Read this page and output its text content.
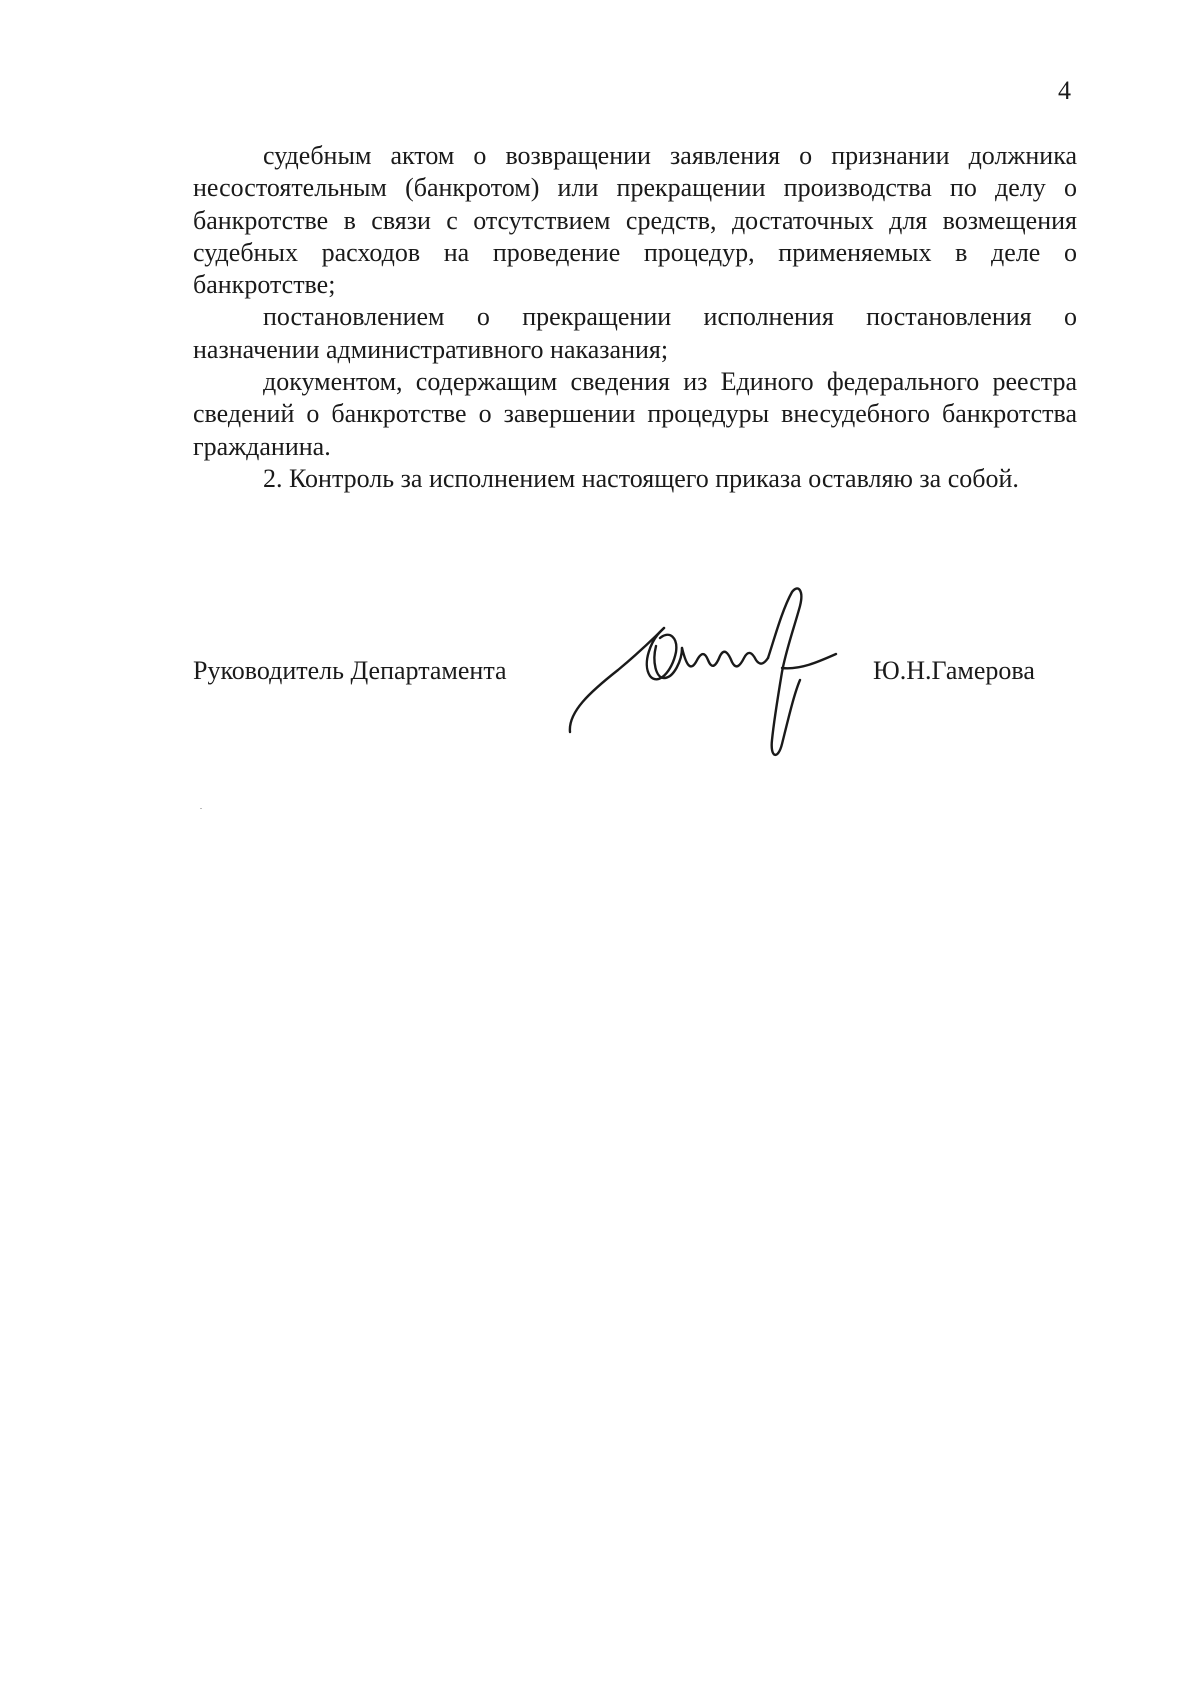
4

судебным актом о возвращении заявления о признании должника несостоятельным (банкротом) или прекращении производства по делу о банкротстве в связи с отсутствием средств, достаточных для возмещения судебных расходов на проведение процедур, применяемых в деле о банкротстве;

постановлением о прекращении исполнения постановления о назначении административного наказания;

документом, содержащим сведения из Единого федерального реестра сведений о банкротстве о завершении процедуры внесудебного банкротства гражданина.

2. Контроль за исполнением настоящего приказа оставляю за собой.

Руководитель Департамента	Ю.Н.Гамерова
